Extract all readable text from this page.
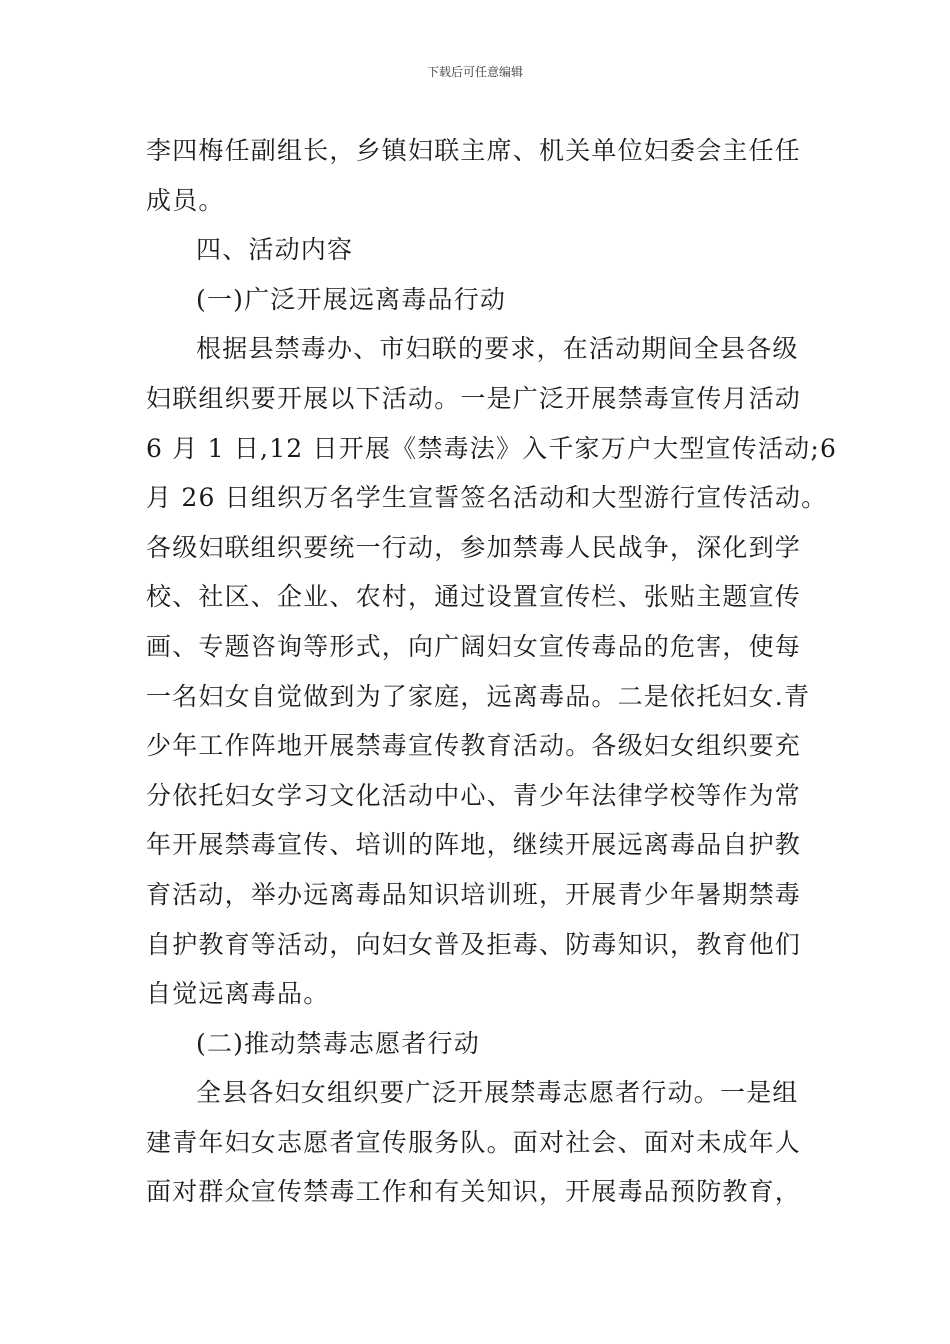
下载后可任意编辑
李四梅任副组长，乡镇妇联主席、机关单位妇委会主任任
成员。
四、活动内容
(一)广泛开展远离毒品行动
根据县禁毒办、市妇联的要求，在活动期间全县各级
妇联组织要开展以下活动。一是广泛开展禁毒宣传月活动
6 月 1 日,12 日开展《禁毒法》入千家万户大型宣传活动;6
月 26 日组织万名学生宣誓签名活动和大型游行宣传活动。
各级妇联组织要统一行动，参加禁毒人民战争，深化到学
校、社区、企业、农村，通过设置宣传栏、张贴主题宣传
画、专题咨询等形式，向广阔妇女宣传毒品的危害，使每
一名妇女自觉做到为了家庭，远离毒品。二是依托妇女.青
少年工作阵地开展禁毒宣传教育活动。各级妇女组织要充
分依托妇女学习文化活动中心、青少年法律学校等作为常
年开展禁毒宣传、培训的阵地，继续开展远离毒品自护教
育活动，举办远离毒品知识培训班，开展青少年暑期禁毒
自护教育等活动，向妇女普及拒毒、防毒知识，教育他们
自觉远离毒品。
(二)推动禁毒志愿者行动
全县各妇女组织要广泛开展禁毒志愿者行动。一是组
建青年妇女志愿者宣传服务队。面对社会、面对未成年人
面对群众宣传禁毒工作和有关知识，开展毒品预防教育，
